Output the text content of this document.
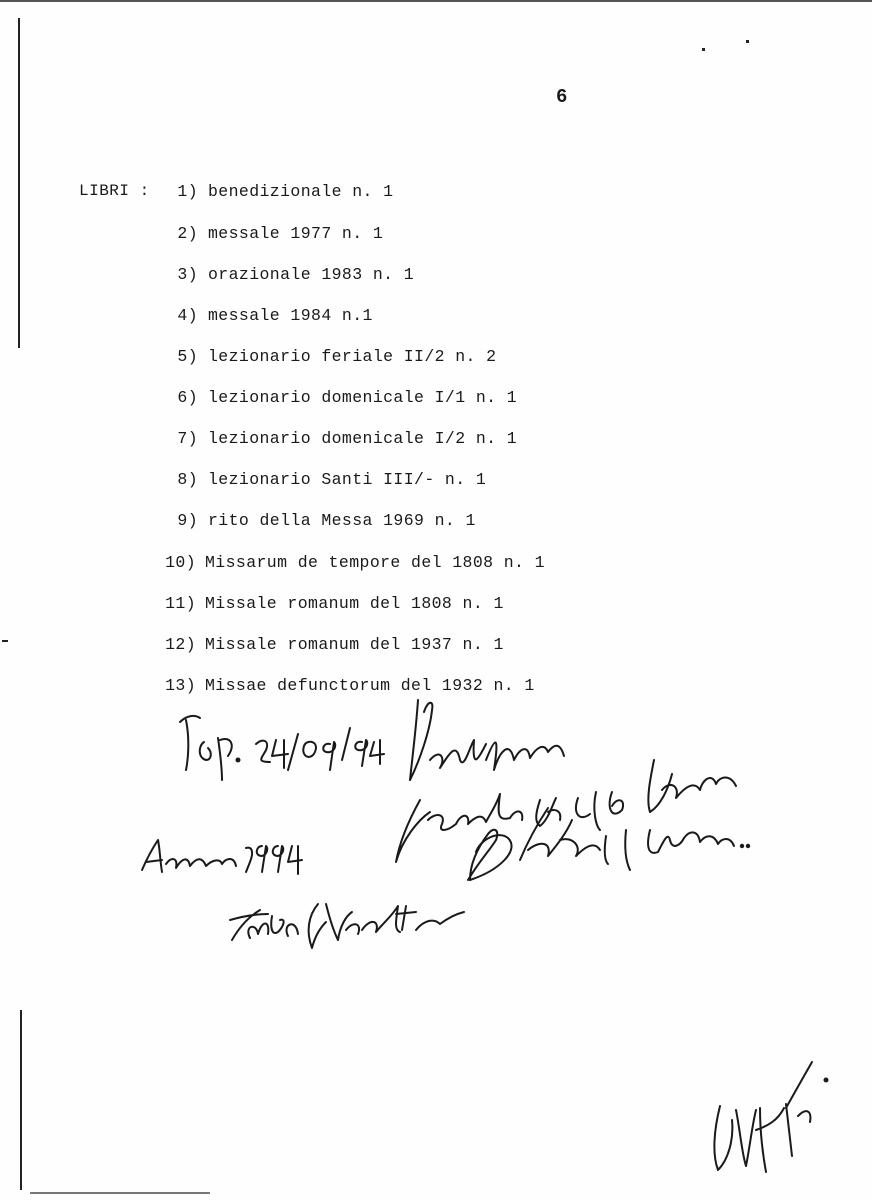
6
LIBRI :	1) benedizionale n. 1
2) messale 1977 n. 1
3) orazionale 1983 n. 1
4) messale 1984 n.1
5) lezionario feriale II/2 n. 2
6) lezionario domenicale I/1 n. 1
7) lezionario domenicale I/2 n. 1
8) lezionario Santi III/- n. 1
9) rito della Messa 1969 n. 1
10) Missarum de tempore del 1808 n. 1
11) Missale romanum del 1808 n. 1
12) Missale romanum del 1937 n. 1
13) Missae defunctorum del 1932 n. 1
